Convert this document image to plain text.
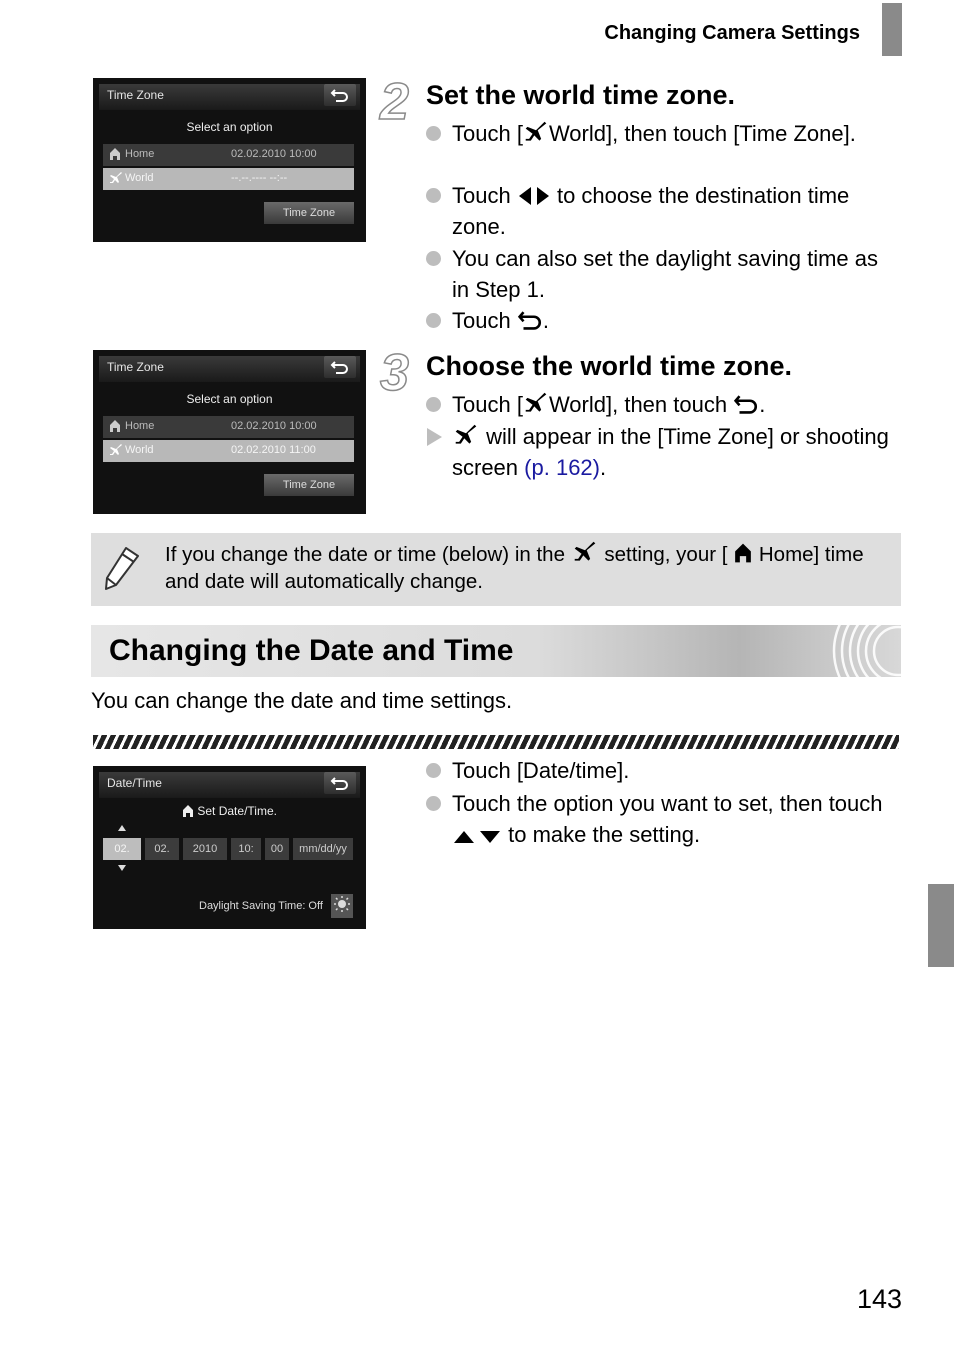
Changing Camera Settings
Time Zone
Select an option
Home	02.02.2010 10:00
World	--.--.---- --:--
Time Zone
2 Set the world time zone.
Touch [ World], then touch [Time Zone].
Touch to choose the destination time zone.
You can also set the daylight saving time as in Step 1.
Touch .
Time Zone
Select an option
Home	02.02.2010 10:00
World	02.02.2010 11:00
Time Zone
3 Choose the world time zone.
Touch [ World], then touch .
will appear in the [Time Zone] or shooting screen (p. 162).
If you change the date or time (below) in the setting, your [ Home] time and date will automatically change.
Changing the Date and Time
You can change the date and time settings.
Date/Time
Set Date/Time.
02.	02.	2010	10:	00	mm/dd/yy
Daylight Saving Time: Off
Touch [Date/time].
Touch the option you want to set, then touch  to make the setting.
143
